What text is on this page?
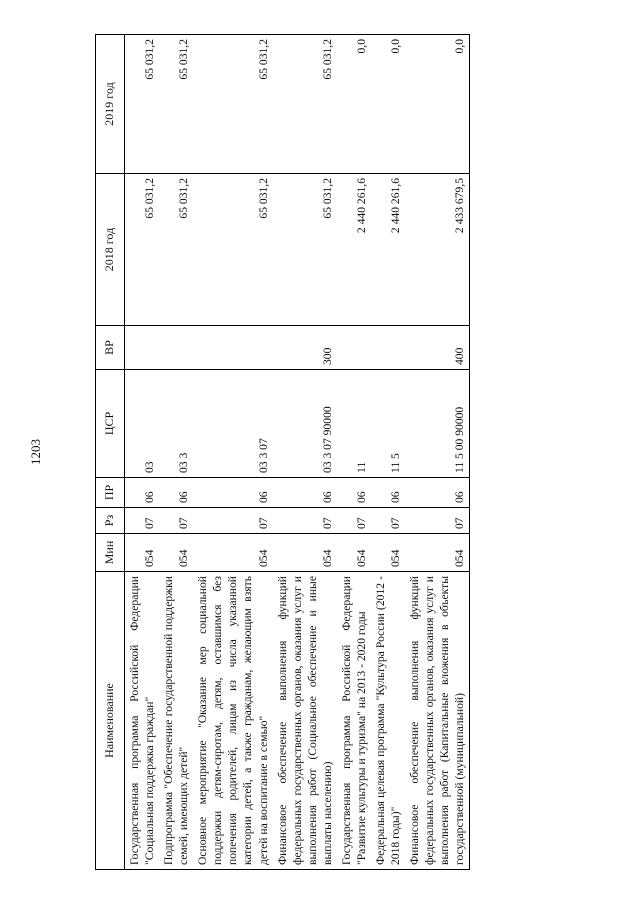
1203
Наименование	Мин	Рз	ПР	ЦСР	ВР	2018 год	2019 год
Государственная программа Российской Федерации "Социальная поддержка граждан"	054	07	06	03		65 031,2	65 031,2
Подпрограмма "Обеспечение государственной поддержки семей, имеющих детей"	054	07	06	03 3		65 031,2	65 031,2
Основное мероприятие "Оказание мер социальной поддержки детям-сиротам, детям, оставшимся без попечения родителей, лицам из числа указанной категории детей, а также гражданам, желающим взять детей на воспитание в семью"	054	07	06	03 3 07		65 031,2	65 031,2
Финансовое обеспечение выполнения функций федеральных государственных органов, оказания услуг и выполнения работ (Социальное обеспечение и иные выплаты населению)	054	07	06	03 3 07 90000	300	65 031,2	65 031,2
Государственная программа Российской Федерации "Развитие культуры и туризма" на 2013 - 2020 годы	054	07	06	11		2 440 261,6	0,0
Федеральная целевая программа "Культура России (2012 - 2018 годы)"	054	07	06	11 5		2 440 261,6	0,0
Финансовое обеспечение выполнения функций федеральных государственных органов, оказания услуг и выполнения работ (Капитальные вложения в объекты государственной (муниципальной)	054	07	06	11 5 00 90000	400	2 433 679,5	0,0
